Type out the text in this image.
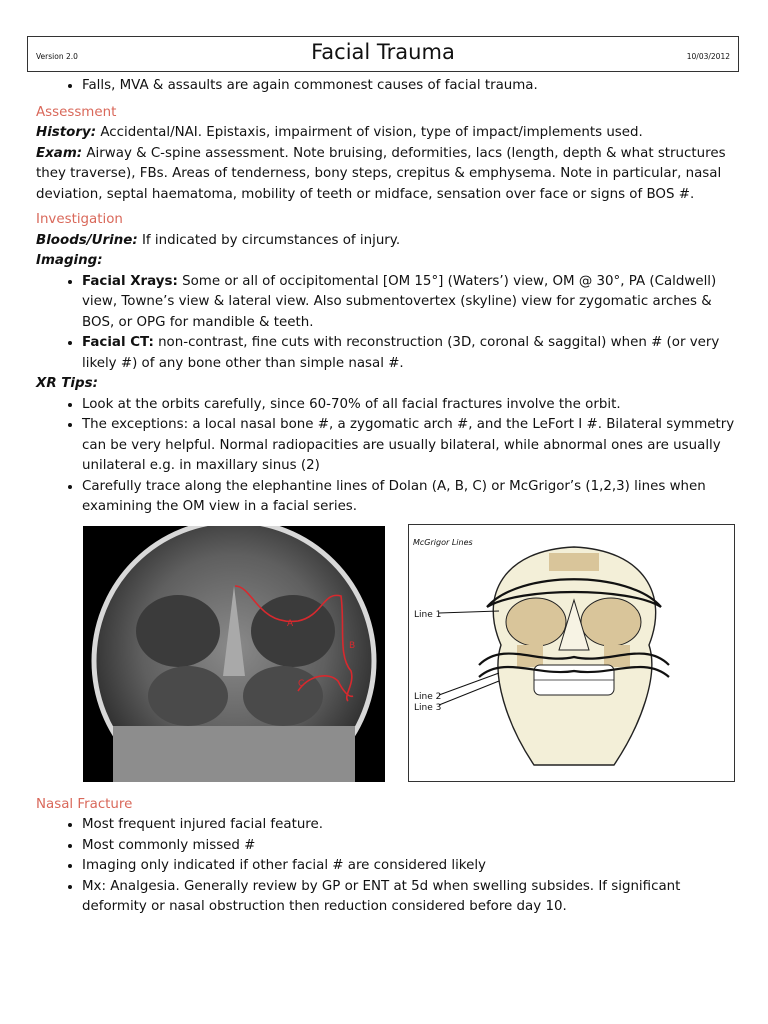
Version 2.0	Facial Trauma	10/03/2012
• Falls, MVA & assaults are again commonest causes of facial trauma.
Assessment

History: Accidental/NAI. Epistaxis, impairment of vision, type of impact/implements used.

Exam: Airway & C-spine assessment. Note bruising, deformities, lacs (length, depth & what structures they traverse), FBs. Areas of tenderness, bony steps, crepitus & emphysema. Note in particular, nasal deviation, septal haematoma, mobility of teeth or midface, sensation over face or signs of BOS #.

Investigation

Bloods/Urine: If indicated by circumstances of injury.

Imaging:

• Facial Xrays: Some or all of occipitomental [OM 15°] (Waters’) view, OM @ 30°, PA (Caldwell) view, Towne’s view & lateral view. Also submentovertex (skyline) view for zygomatic arches & BOS, or OPG for mandible & teeth.
• Facial CT: non-contrast, fine cuts with reconstruction (3D, coronal & saggital) when # (or very likely #) of any bone other than simple nasal #.

XR Tips:

• Look at the orbits carefully, since 60-70% of all facial fractures involve the orbit.
• The exceptions: a local nasal bone #, a zygomatic arch #, and the LeFort I #. Bilateral symmetry can be very helpful. Normal radiopacities are usually bilateral, while abnormal ones are usually unilateral e.g. in maxillary sinus (2)
• Carefully trace along the elephantine lines of Dolan (A, B, C) or McGrigor’s (1,2,3) lines when examining the OM view in a facial series.
A
B
C
McGrigor Lines
Line 1
Line 2
Line 3
Nasal Fracture
• Most frequent injured facial feature.
• Most commonly missed #
• Imaging only indicated if other facial # are considered likely
• Mx: Analgesia. Generally review by GP or ENT at 5d when swelling subsides. If significant deformity or nasal obstruction then reduction considered before day 10.
